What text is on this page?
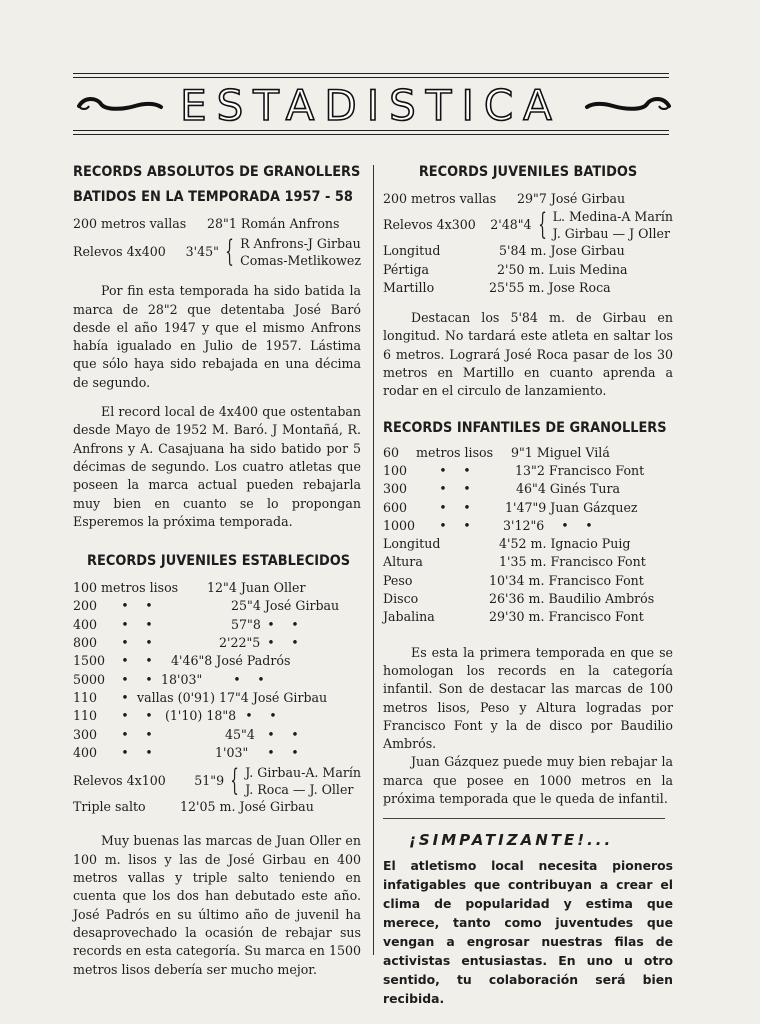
ESTADISTICA
RECORDS ABSOLUTOS DE GRANOLLERS
BATIDOS EN LA TEMPORADA 1957 - 58
200 metros vallas	28"1 Román Anfrons
Relevos 4x400	3'45" { R Anfrons-J Girbau
Comas-Metlikowez

Por fin esta temporada ha sido batida la marca de 28"2 que detentaba José Baró desde el año 1947 y que el mismo Anfrons había igualado en Julio de 1957. Lástima que sólo haya sido rebajada en una décima de segundo.

El record local de 4x400 que ostentaban desde Mayo de 1952 M. Baró. J Montañá, R. Anfrons y A. Casajuana ha sido batido por 5 décimas de segundo. Los cuatro atletas que poseen la marca actual pueden rebajarla muy bien en cuanto se lo propongan Esperemos la próxima temporada.

RECORDS JUVENILES ESTABLECIDOS
100 metros lisos	12"4 Juan Oller
200	•	•	25"4 José Girbau
400	•	•	57"8 •	•
800	•	•	2'22"5 •	•
1500	•	•	4'46"8 José Padrós
5000	•	• 18'03"	•	•
110	• vallas (0'91) 17"4 José Girbau
110	•	• (1'10) 18"8 •	•
300	•	•	45"4 •	•
400	•	•	1'03"	•	•
Relevos 4x100	51"9 { J. Girbau-A. Marín
J. Roca — J. Oller
Triple salto	12'05 m. José Girbau

Muy buenas las marcas de Juan Oller en 100 m. lisos y las de José Girbau en 400 metros vallas y triple salto teniendo en cuenta que los dos han debutado este año. José Padrós en su último año de juvenil ha desaprovechado la ocasión de rebajar sus records en esta categoría. Su marca en 1500 metros lisos debería ser mucho mejor.

RECORDS JUVENILES BATIDOS
200 metros vallas	29"7 José Girbau
Relevos 4x300	2'48"4 { L. Medina-A Marín
J. Girbau — J Oller
Longitud	5'84 m. Jose Girbau
Pértiga	2'50 m. Luis Medina
Martillo	25'55 m. Jose Roca

Destacan los 5'84 m. de Girbau en longitud. No tardará este atleta en saltar los 6 metros. Logrará José Roca pasar de los 30 metros en Martillo en cuanto aprenda a rodar en el circulo de lanzamiento.

RECORDS INFANTILES DE GRANOLLERS
60	metros lisos	9"1 Miguel Vilá
100	•	•	13"2 Francisco Font
300	•	•	46"4 Ginés Tura
600	•	•	1'47"9 Juan Gázquez
1000	•	•	3'12"6	•	•
Longitud	4'52 m. Ignacio Puig
Altura	1'35 m. Francisco Font
Peso	10'34 m. Francisco Font
Disco	26'36 m. Baudilio Ambrós
Jabalina	29'30 m. Francisco Font

Es esta la primera temporada en que se homologan los records en la categoría infantil. Son de destacar las marcas de 100 metros lisos, Peso y Altura logradas por Francisco Font y la de disco por Baudilio Ambrós.

Juan Gázquez puede muy bien rebajar la marca que posee en 1000 metros en la próxima temporada que le queda de infantil.

¡SIMPATIZANTE!...
El atletismo local necesita pioneros infatigables que contribuyan a crear el clima de popularidad y estima que merece, tanto como juventudes que vengan a engrosar nuestras filas de activistas entusiastas. En uno u otro sentido, tu colaboración será bien recibida.
